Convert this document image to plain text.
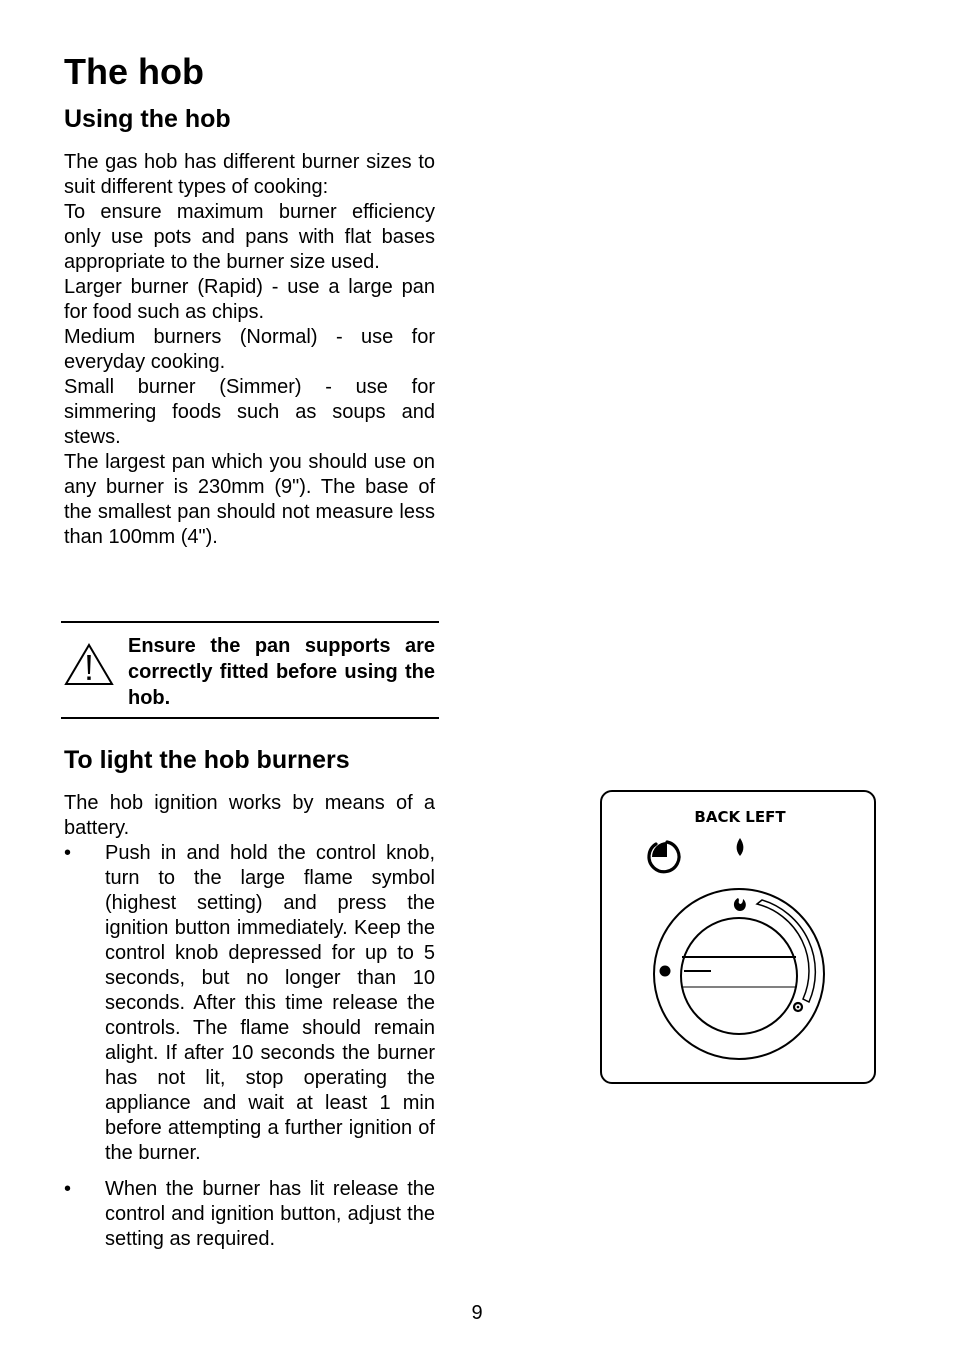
The hob
Using the hob

The gas hob has different burner sizes to suit different types of cooking:

To ensure maximum burner efficiency only use pots and pans with flat bases appropriate to the burner size used.

Larger burner (Rapid) - use a large pan for food such as chips.

Medium burners (Normal) - use for everyday cooking.

Small burner (Simmer) - use for simmering foods such as soups and stews.

The largest pan which you should use on any burner is 230mm (9"). The base of the smallest pan should not measure less than 100mm (4").

Ensure the pan supports are correctly fitted before using the hob.
To light the hob burners

The hob ignition works by means of a battery.

• Push in and hold the control knob, turn to the large flame symbol (highest setting) and press the ignition button immediately. Keep the control knob depressed for up to 5 seconds, but no longer than 10 seconds. After this time release the controls. The flame should remain alight. If after 10 seconds the burner has not lit, stop operating the appliance and wait at least 1 min before attempting a further ignition of the burner.
• When the burner has lit release the control and ignition button, adjust the setting as required.
BACK LEFT
9
